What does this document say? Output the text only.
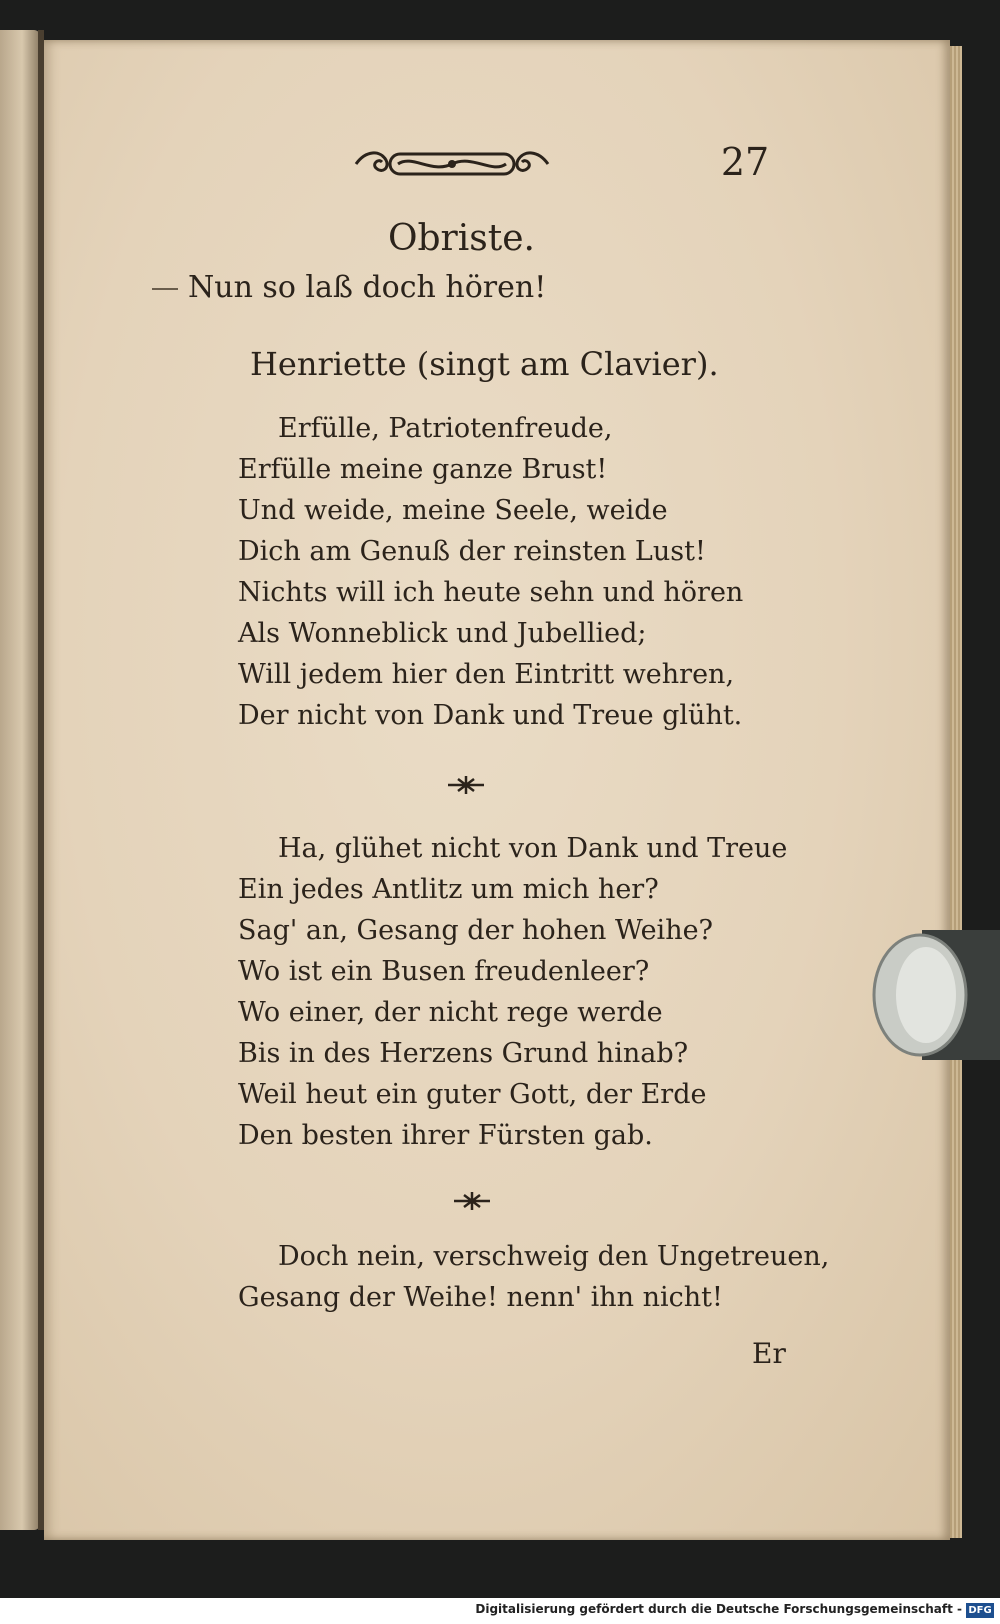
27
Obriste.
Nun so laß doch hören!
Henriette (singt am Clavier).
Erfülle, Patriotenfreude,
Erfülle meine ganze Brust!
Und weide, meine Seele, weide
Dich am Genuß der reinsten Lust!
Nichts will ich heute sehn und hören
Als Wonneblick und Jubellied;
Will jedem hier den Eintritt wehren,
Der nicht von Dank und Treue glüht.
Ha, glühet nicht von Dank und Treue
Ein jedes Antlitz um mich her?
Sag' an, Gesang der hohen Weihe?
Wo ist ein Busen freudenleer?
Wo einer, der nicht rege werde
Bis in des Herzens Grund hinab?
Weil heut ein guter Gott, der Erde
Den besten ihrer Fürsten gab.
Doch nein, verschweig den Ungetreuen,
Gesang der Weihe! nenn' ihn nicht!
Er
Digitalisierung gefördert durch die Deutsche Forschungsgemeinschaft - DFG
